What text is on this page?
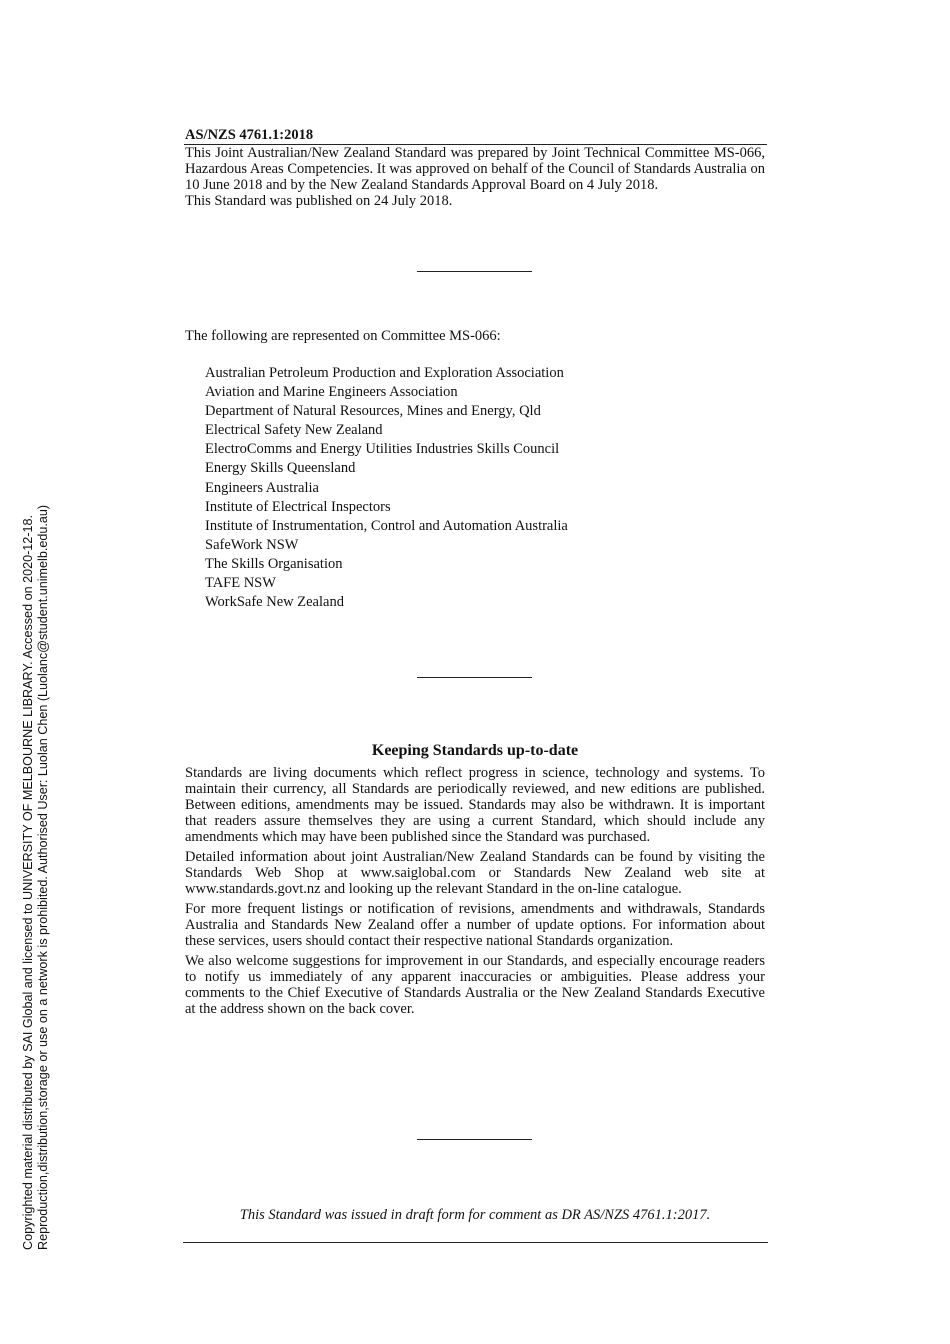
Copyrighted material distributed by SAI Global and licensed to UNIVERSITY OF MELBOURNE LIBRARY. Accessed on 2020-12-18. Reproduction,distribution,storage or use on a network is prohibited. Authorised User: Luolan Chen (Luolanc@student.unimelb.edu.au)
AS/NZS 4761.1:2018

This Joint Australian/New Zealand Standard was prepared by Joint Technical Committee MS-066, Hazardous Areas Competencies. It was approved on behalf of the Council of Standards Australia on 10 June 2018 and by the New Zealand Standards Approval Board on 4 July 2018.

This Standard was published on 24 July 2018.

The following are represented on Committee MS-066:
Australian Petroleum Production and Exploration Association
Aviation and Marine Engineers Association
Department of Natural Resources, Mines and Energy, Qld
Electrical Safety New Zealand
ElectroComms and Energy Utilities Industries Skills Council
Energy Skills Queensland
Engineers Australia
Institute of Electrical Inspectors
Institute of Instrumentation, Control and Automation Australia
SafeWork NSW
The Skills Organisation
TAFE NSW
WorkSafe New Zealand
Keeping Standards up-to-date

Standards are living documents which reflect progress in science, technology and systems. To maintain their currency, all Standards are periodically reviewed, and new editions are published. Between editions, amendments may be issued. Standards may also be withdrawn. It is important that readers assure themselves they are using a current Standard, which should include any amendments which may have been published since the Standard was purchased.

Detailed information about joint Australian/New Zealand Standards can be found by visiting the Standards Web Shop at www.saiglobal.com or Standards New Zealand web site at www.standards.govt.nz and looking up the relevant Standard in the on-line catalogue.

For more frequent listings or notification of revisions, amendments and withdrawals, Standards Australia and Standards New Zealand offer a number of update options. For information about these services, users should contact their respective national Standards organization.

We also welcome suggestions for improvement in our Standards, and especially encourage readers to notify us immediately of any apparent inaccuracies or ambiguities. Please address your comments to the Chief Executive of Standards Australia or the New Zealand Standards Executive at the address shown on the back cover.

This Standard was issued in draft form for comment as DR AS/NZS 4761.1:2017.
